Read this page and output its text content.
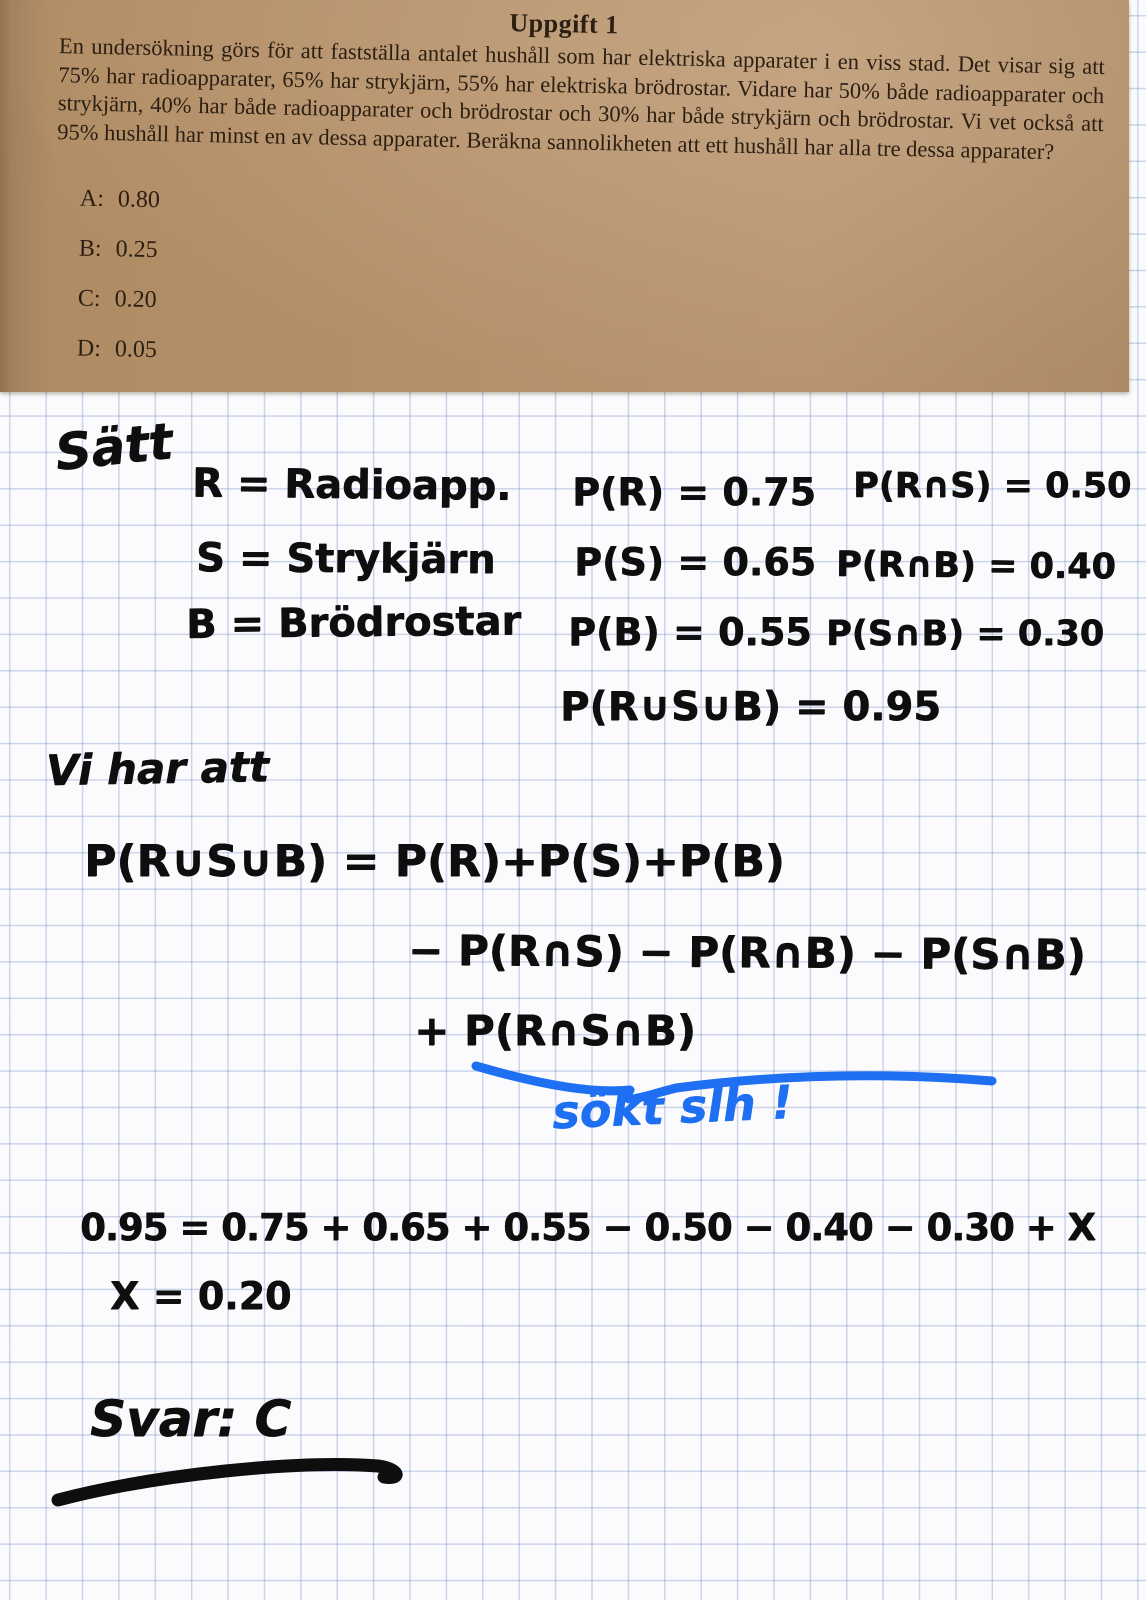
Uppgift 1

En undersökning görs för att fastställa antalet hushåll som har elektriska apparater i en viss stad. Det visar sig att 75% har radioapparater, 65% har strykjärn, 55% har elektriska brödrostar. Vidare har 50% både radioapparater och strykjärn, 40% har både radioapparater och brödrostar och 30% har både strykjärn och brödrostar. Vi vet också att 95% hushåll har minst en av dessa apparater. Beräkna sannolikheten att ett hushåll har alla tre dessa apparater?

A: 0.80
B: 0.25
C: 0.20
D: 0.05
Sätt
R = Radioapp.
S = Strykjärn
B = Brödrostar
P(R) = 0.75
P(S) = 0.65
P(B) = 0.55
P(R∩S) = 0.50
P(R∩B) = 0.40
P(S∩B) = 0.30
P(R∪S∪B) = 0.95
Vi har att
P(R∪S∪B) = P(R)+P(S)+P(B)
− P(R∩S) − P(R∩B) − P(S∩B)
+ P(R∩S∩B)
sökt slh !
0.95 = 0.75 + 0.65 + 0.55 − 0.50 − 0.40 − 0.30 + X
X = 0.20
Svar: C
